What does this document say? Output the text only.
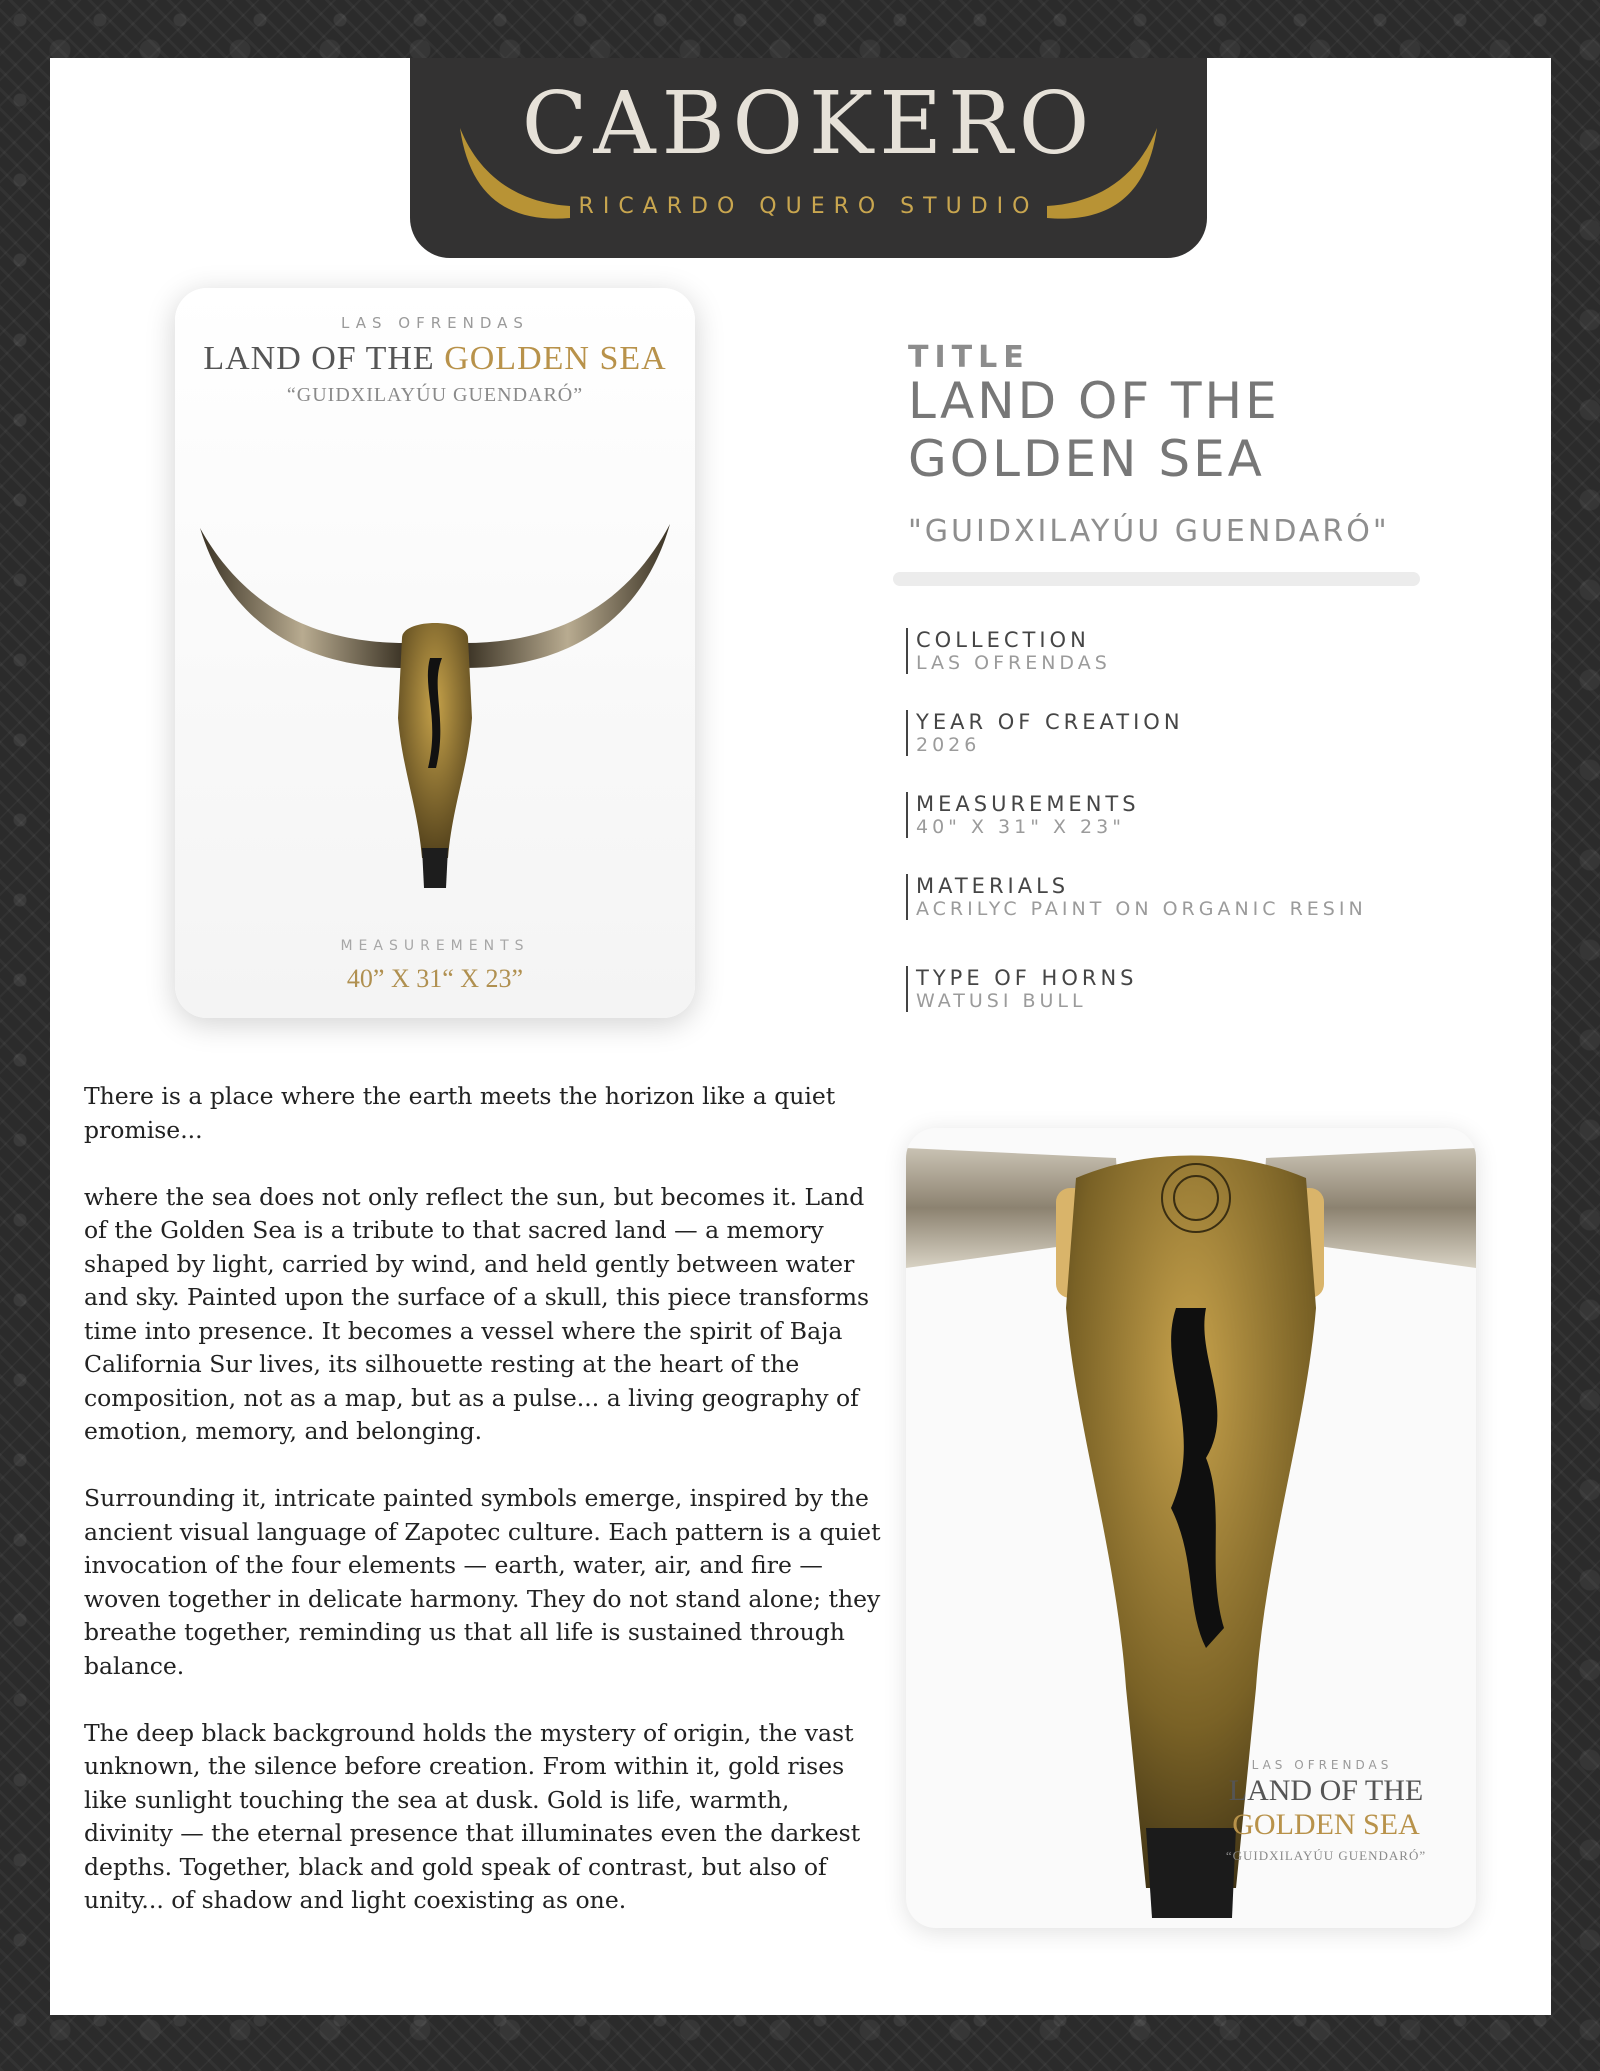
CABOKERO
RICARDO QUERO STUDIO
LAS OFRENDAS
LAND OF THE GOLDEN SEA
“GUIDXILAYÚU GUENDARÓ”
MEASUREMENTS
40” X 31“ X 23”
TITLE
LAND OF THE GOLDEN SEA
"GUIDXILAYÚU GUENDARÓ"
COLLECTION
LAS OFRENDAS
YEAR OF CREATION
2026
MEASUREMENTS
40" X 31" X 23"
MATERIALS
ACRILYC PAINT ON ORGANIC RESIN
TYPE OF HORNS
WATUSI BULL

There is a place where the earth meets the horizon like a quiet promise...

where the sea does not only reflect the sun, but becomes it. Land of the Golden Sea is a tribute to that sacred land — a memory shaped by light, carried by wind, and held gently between water and sky. Painted upon the surface of a skull, this piece transforms time into presence. It becomes a vessel where the spirit of Baja California Sur lives, its silhouette resting at the heart of the composition, not as a map, but as a pulse... a living geography of emotion, memory, and belonging.

Surrounding it, intricate painted symbols emerge, inspired by the ancient visual language of Zapotec culture. Each pattern is a quiet invocation of the four elements — earth, water, air, and fire — woven together in delicate harmony. They do not stand alone; they breathe together, reminding us that all life is sustained through balance.

The deep black background holds the mystery of origin, the vast unknown, the silence before creation. From within it, gold rises like sunlight touching the sea at dusk. Gold is life, warmth, divinity — the eternal presence that illuminates even the darkest depths. Together, black and gold speak of contrast, but also of unity... of shadow and light coexisting as one.

LAS OFRENDAS
LAND OF THE
GOLDEN SEA
“GUIDXILAYÚU GUENDARÓ”
